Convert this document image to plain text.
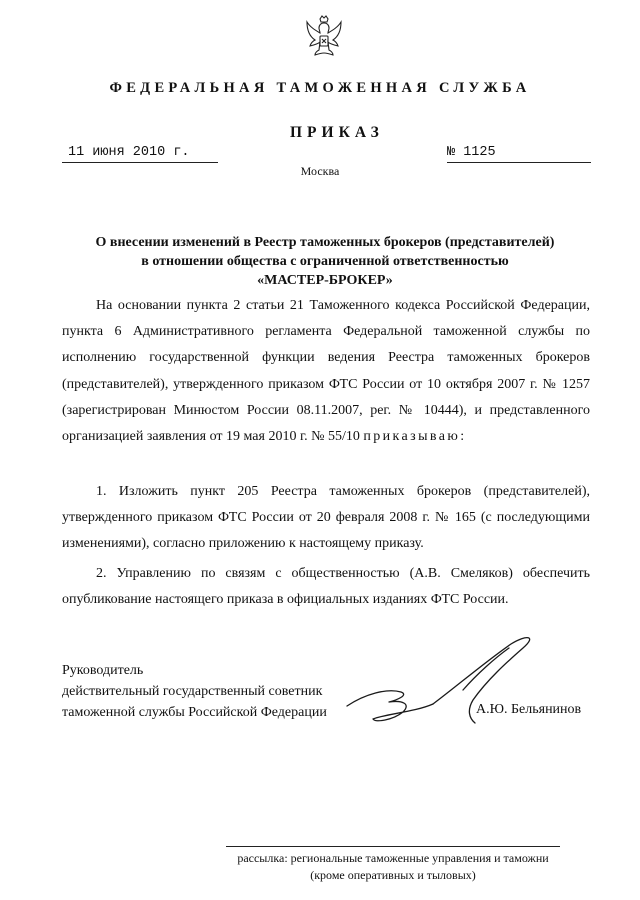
ФЕДЕРАЛЬНАЯ ТАМОЖЕННАЯ СЛУЖБА
ПРИКАЗ
11 июня 2010 г.	№ 1125
Москва
О внесении изменений в Реестр таможенных брокеров (представителей)
в отношении общества с ограниченной ответственностью
«МАСТЕР-БРОКЕР»
На основании пункта 2 статьи 21 Таможенного кодекса Российской Федерации, пункта 6 Административного регламента Федеральной таможенной службы по исполнению государственной функции ведения Реестра таможенных брокеров (представителей), утвержденного приказом ФТС России от 10 октября 2007 г. № 1257 (зарегистрирован Минюстом России 08.11.2007, рег. № 10444), и представленного организацией заявления от 19 мая 2010 г. № 55/10 приказываю:
1. Изложить пункт 205 Реестра таможенных брокеров (представителей), утвержденного приказом ФТС России от 20 февраля 2008 г. № 165 (с последующими изменениями), согласно приложению к настоящему приказу.
2. Управлению по связям с общественностью (А.В. Смеляков) обеспечить опубликование настоящего приказа в официальных изданиях ФТС России.
Руководитель
действительный государственный советник
таможенной службы Российской Федерации	А.Ю. Бельянинов
рассылка: региональные таможенные управления и таможни
(кроме оперативных и тыловых)
